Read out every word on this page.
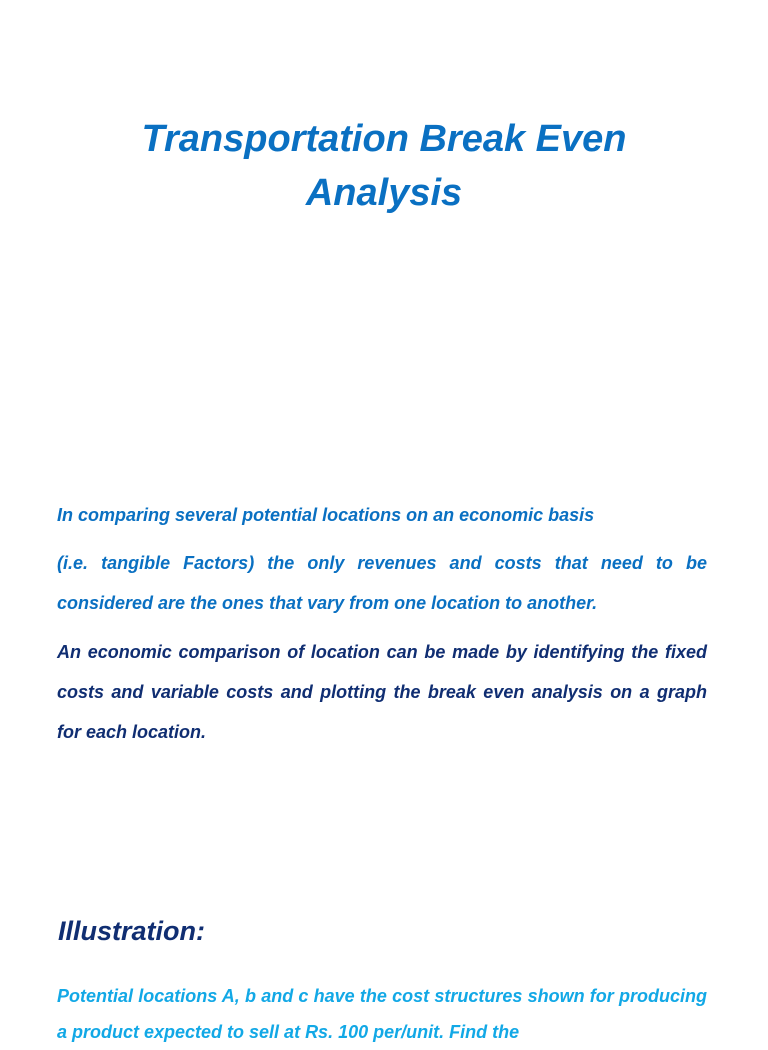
Transportation Break Even Analysis

In comparing several potential locations on an economic basis

(i.e. tangible Factors) the only revenues and costs that need to be considered are the ones that vary from one location to another.

An economic comparison of location can be made by identifying the fixed costs and variable costs and plotting the break even analysis on a graph for each location.

Illustration:

Potential locations A, b and c have the cost structures shown for producing a product expected to sell at Rs. 100 per/unit. Find the
